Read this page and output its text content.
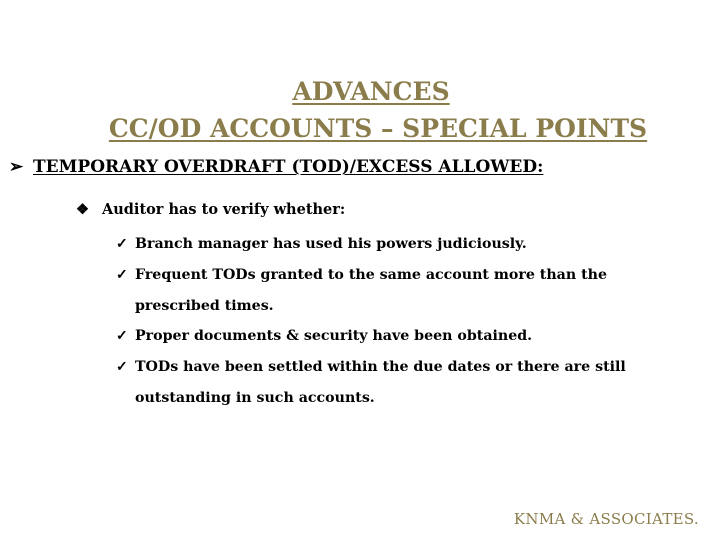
ADVANCES
CC/OD ACCOUNTS – SPECIAL POINTS
➢ TEMPORARY OVERDRAFT (TOD)/EXCESS ALLOWED:
❖ Auditor has to verify whether:
✓ Branch manager has used his powers judiciously.
✓ Frequent TODs granted to the same account more than the prescribed times.
✓ Proper documents & security have been obtained.
✓ TODs have been settled within the due dates or there are still outstanding in such accounts.
KNMA & ASSOCIATES.
